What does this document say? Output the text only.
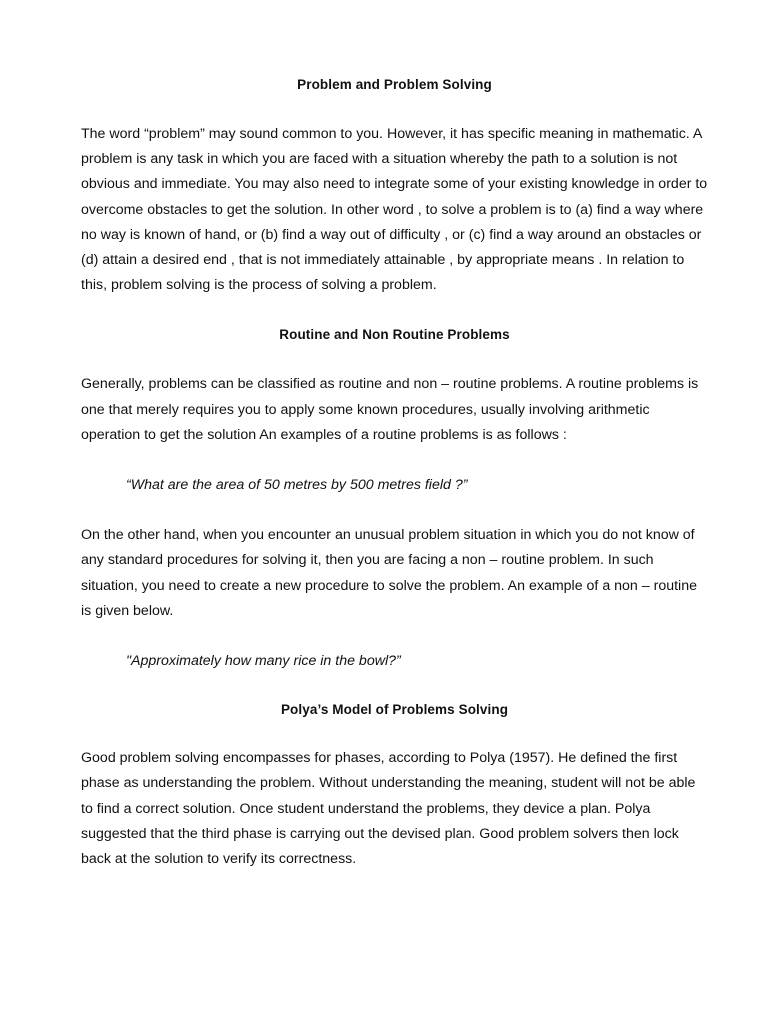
Problem and Problem Solving

The word “problem” may sound common to you. However, it has specific meaning in mathematic. A problem is any task in which you are faced with a situation whereby the path to a solution is not obvious and immediate. You may also need to integrate some of your existing knowledge in order to overcome obstacles to get the solution. In other word , to solve a problem is to (a) find a way where no way is known of hand, or (b) find a way out of difficulty , or (c) find a way around an obstacles or (d) attain a desired end , that is not immediately attainable , by appropriate means . In relation to this, problem solving is the process of solving a problem.

Routine and Non Routine Problems

Generally, problems can be classified as routine and non – routine problems. A routine problems is one that merely requires you to apply some known procedures, usually involving arithmetic operation to get the solution An examples of a routine problems is as follows :

“What are the area of 50 metres by 500 metres field ?”

On the other hand, when you encounter an unusual problem situation in which you do not know of any standard procedures for solving it, then you are facing a non – routine problem. In such situation, you need to create a new procedure to solve the problem. An example of a non – routine is given below.

"Approximately how many rice in the bowl?”

Polya’s Model of Problems Solving

Good problem solving encompasses for phases, according to Polya (1957). He defined the first phase as understanding the problem. Without understanding the meaning, student will not be able to find a correct solution. Once student understand the problems, they device a plan. Polya suggested that the third phase is carrying out the devised plan. Good problem solvers then lock back at the solution to verify its correctness.
